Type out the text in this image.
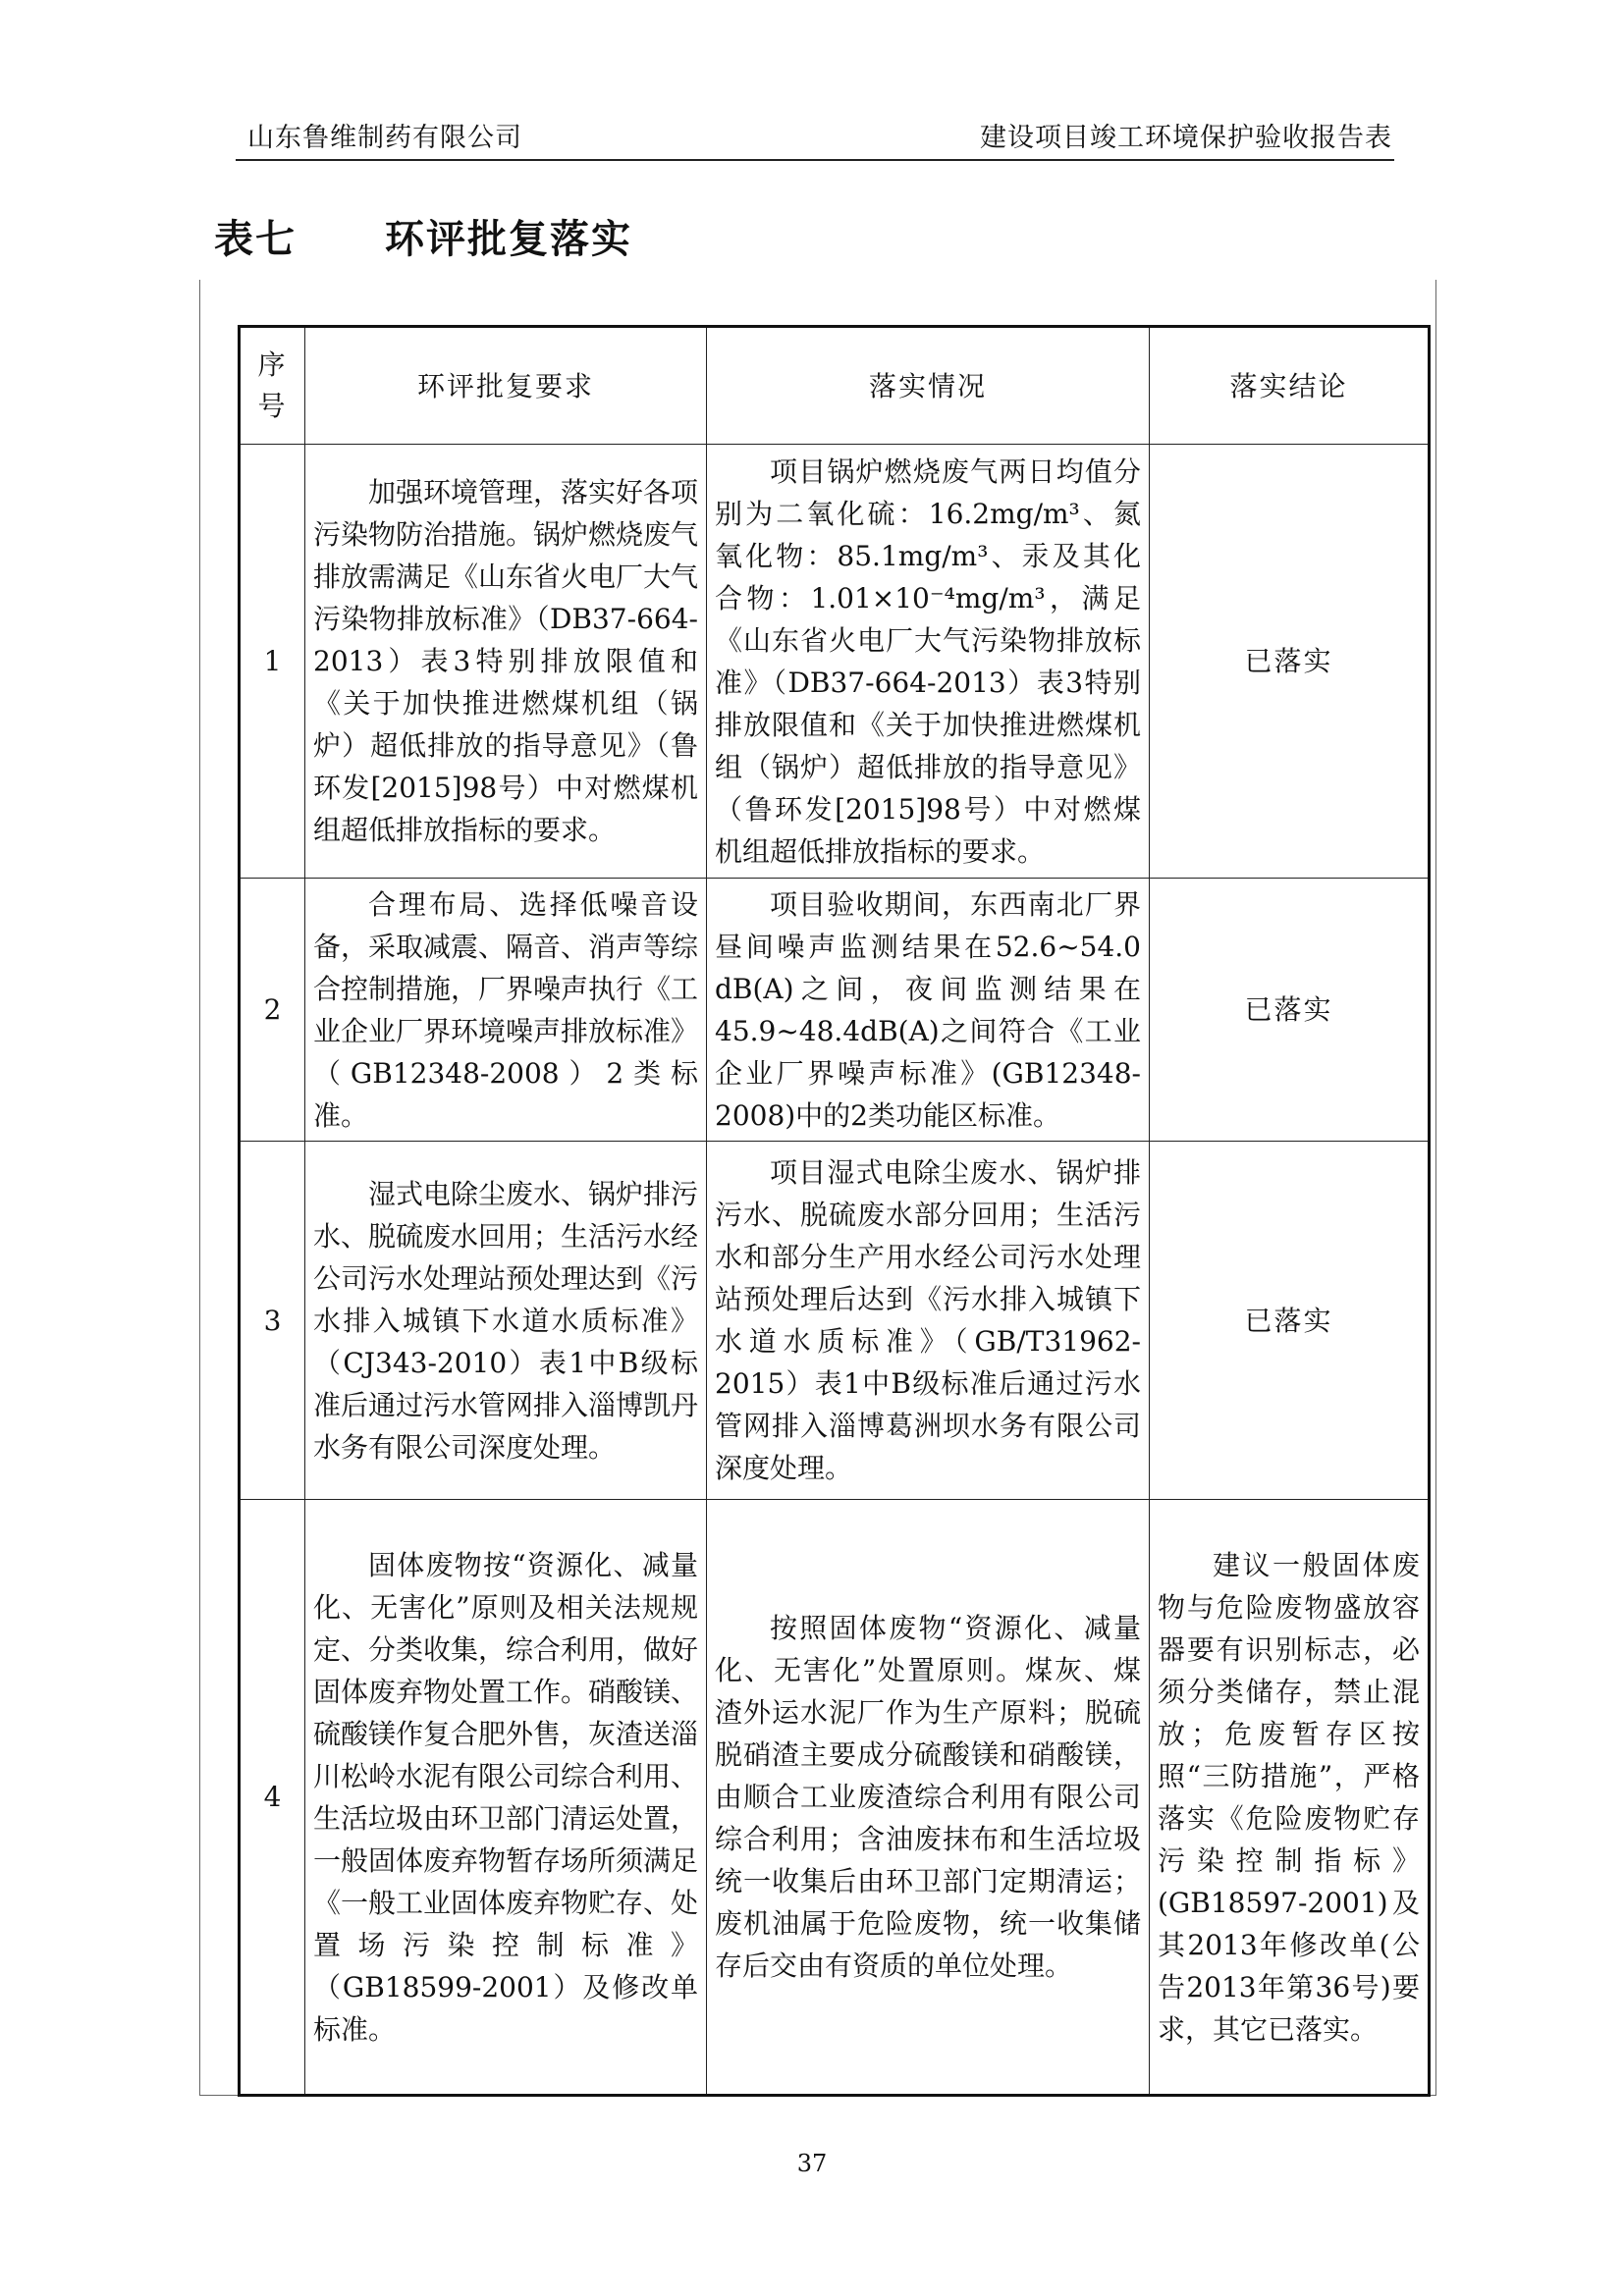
山东鲁维制药有限公司	建设项目竣工环境保护验收报告表
表七 环评批复落实
序号	环评批复要求	落实情况	落实结论
1	加强环境管理，落实好各项污染物防治措施。锅炉燃烧废气排放需满足《山东省火电厂大气污染物排放标准》（DB37-664-2013）表3特别排放限值和《关于加快推进燃煤机组（锅炉）超低排放的指导意见》（鲁环发[2015]98号）中对燃煤机组超低排放指标的要求。	项目锅炉燃烧废气两日均值分别为二氧化硫：16.2mg/m³、氮氧化物：85.1mg/m³、汞及其化合物：1.01×10⁻⁴mg/m³，满足《山东省火电厂大气污染物排放标准》（DB37-664-2013）表3特别排放限值和《关于加快推进燃煤机组（锅炉）超低排放的指导意见》（鲁环发[2015]98号）中对燃煤机组超低排放指标的要求。	已落实
2	合理布局、选择低噪音设备，采取减震、隔音、消声等综合控制措施，厂界噪声执行《工业企业厂界环境噪声排放标准》（GB12348-2008）2类标准。	项目验收期间，东西南北厂界昼间噪声监测结果在52.6~54.0 dB(A)之间，夜间监测结果在45.9~48.4dB(A)之间符合《工业企业厂界噪声标准》(GB12348-2008)中的2类功能区标准。	已落实
3	湿式电除尘废水、锅炉排污水、脱硫废水回用；生活污水经公司污水处理站预处理达到《污水排入城镇下水道水质标准》（CJ343-2010）表1中B级标准后通过污水管网排入淄博凯丹水务有限公司深度处理。	项目湿式电除尘废水、锅炉排污水、脱硫废水部分回用；生活污水和部分生产用水经公司污水处理站预处理后达到《污水排入城镇下水道水质标准》（GB/T31962-2015）表1中B级标准后通过污水管网排入淄博葛洲坝水务有限公司深度处理。	已落实
4	固体废物按“资源化、减量化、无害化”原则及相关法规规定、分类收集，综合利用，做好固体废弃物处置工作。硝酸镁、硫酸镁作复合肥外售，灰渣送淄川松岭水泥有限公司综合利用、生活垃圾由环卫部门清运处置，一般固体废弃物暂存场所须满足《一般工业固体废弃物贮存、处置场污染控制标准》（GB18599-2001）及修改单标准。	按照固体废物“资源化、减量化、无害化”处置原则。煤灰、煤渣外运水泥厂作为生产原料；脱硫脱硝渣主要成分硫酸镁和硝酸镁，由顺合工业废渣综合利用有限公司综合利用；含油废抹布和生活垃圾统一收集后由环卫部门定期清运；废机油属于危险废物，统一收集储存后交由有资质的单位处理。	建议一般固体废物与危险废物盛放容器要有识别标志，必须分类储存，禁止混放；危废暂存区按照“三防措施”，严格落实《危险废物贮存污染控制指标》(GB18597-2001)及其2013年修改单(公告2013年第36号)要求，其它已落实。
37
